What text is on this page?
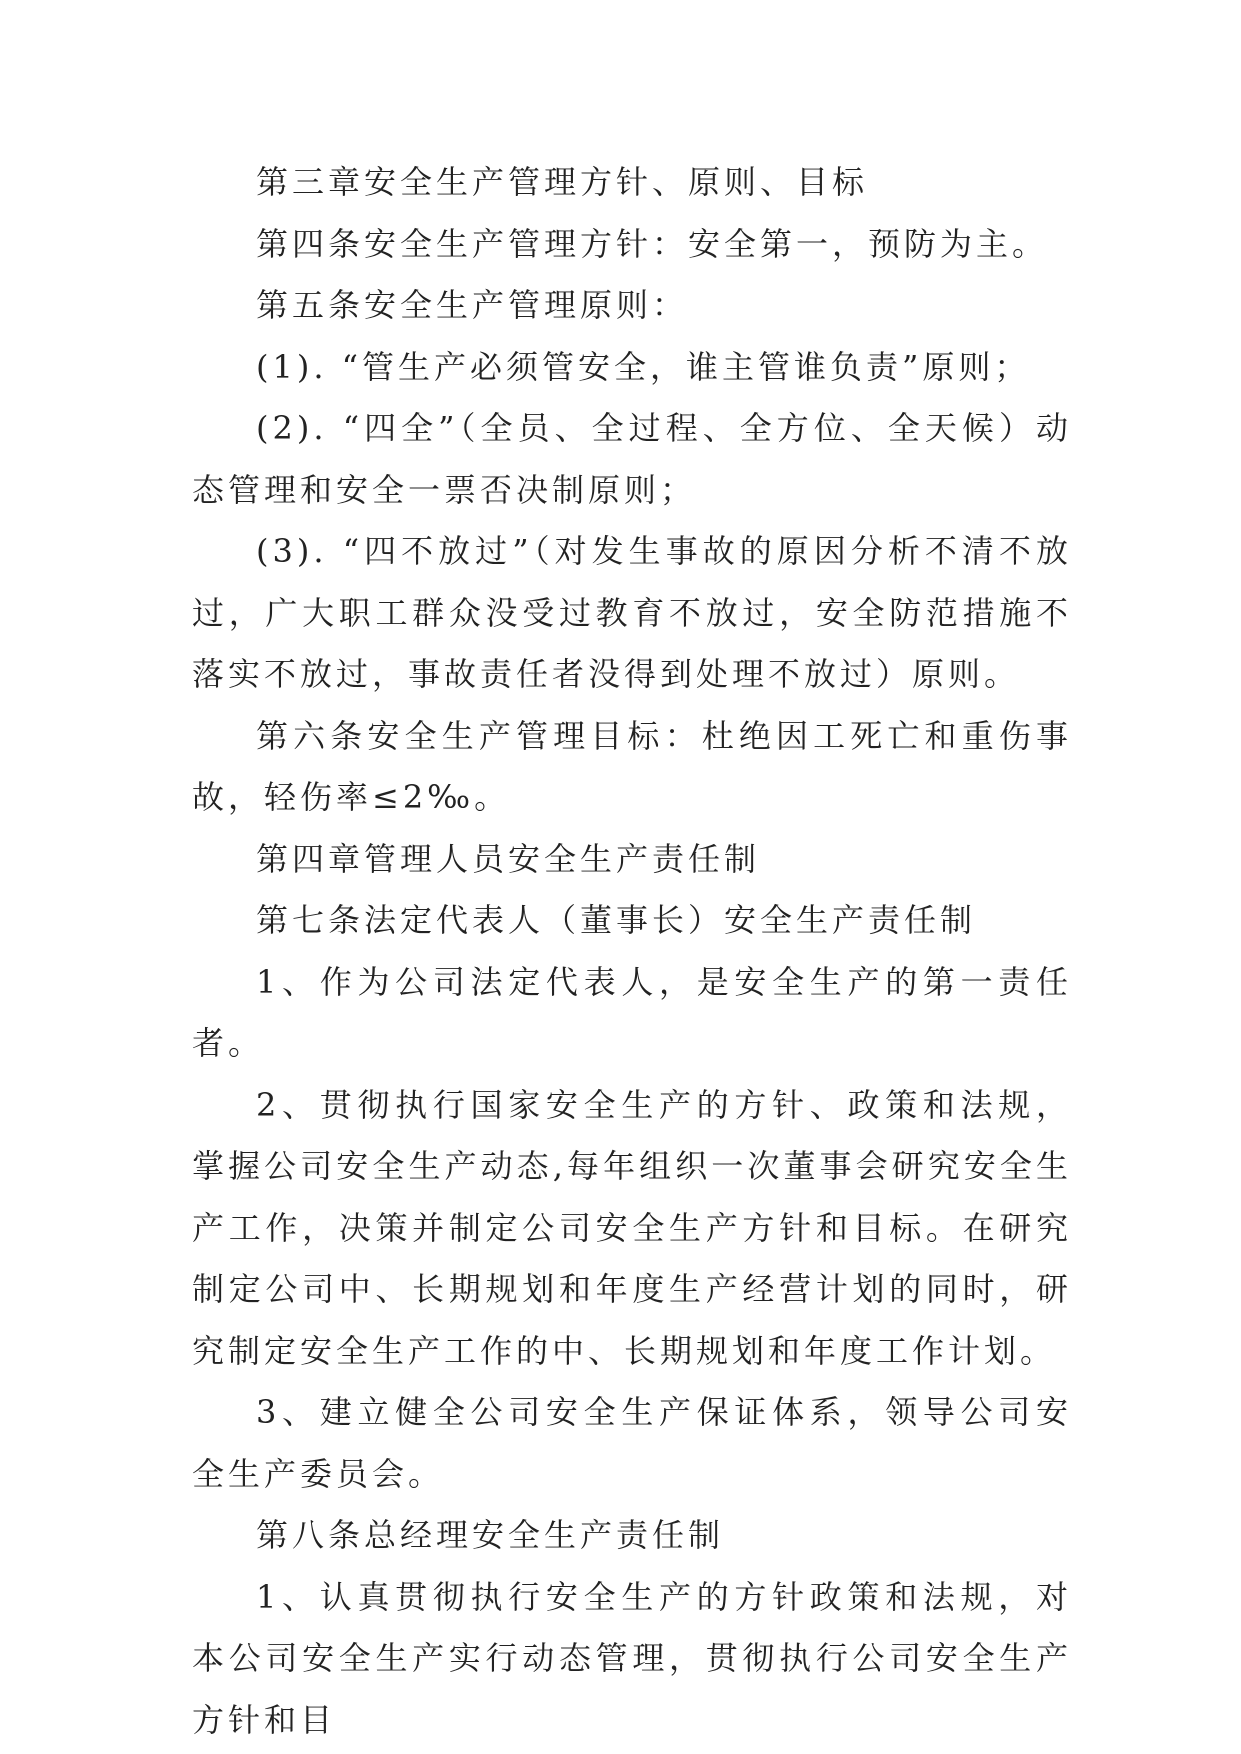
第三章安全生产管理方针、原则、目标

第四条安全生产管理方针：安全第一，预防为主。

第五条安全生产管理原则：

(1). “管生产必须管安全，谁主管谁负责”原则；

(2). “四全”（全员、全过程、全方位、全天候）动态管理和安全一票否决制原则；

(3). “四不放过”（对发生事故的原因分析不清不放过，广大职工群众没受过教育不放过，安全防范措施不落实不放过，事故责任者没得到处理不放过）原则。

第六条安全生产管理目标：杜绝因工死亡和重伤事故，轻伤率≤2‰。

第四章管理人员安全生产责任制

第七条法定代表人（董事长）安全生产责任制

1、作为公司法定代表人，是安全生产的第一责任者。

2、贯彻执行国家安全生产的方针、政策和法规，掌握公司安全生产动态,每年组织一次董事会研究安全生产工作，决策并制定公司安全生产方针和目标。在研究制定公司中、长期规划和年度生产经营计划的同时，研究制定安全生产工作的中、长期规划和年度工作计划。

3、建立健全公司安全生产保证体系，领导公司安全生产委员会。

第八条总经理安全生产责任制

1、认真贯彻执行安全生产的方针政策和法规，对本公司安全生产实行动态管理，贯彻执行公司安全生产方针和目
